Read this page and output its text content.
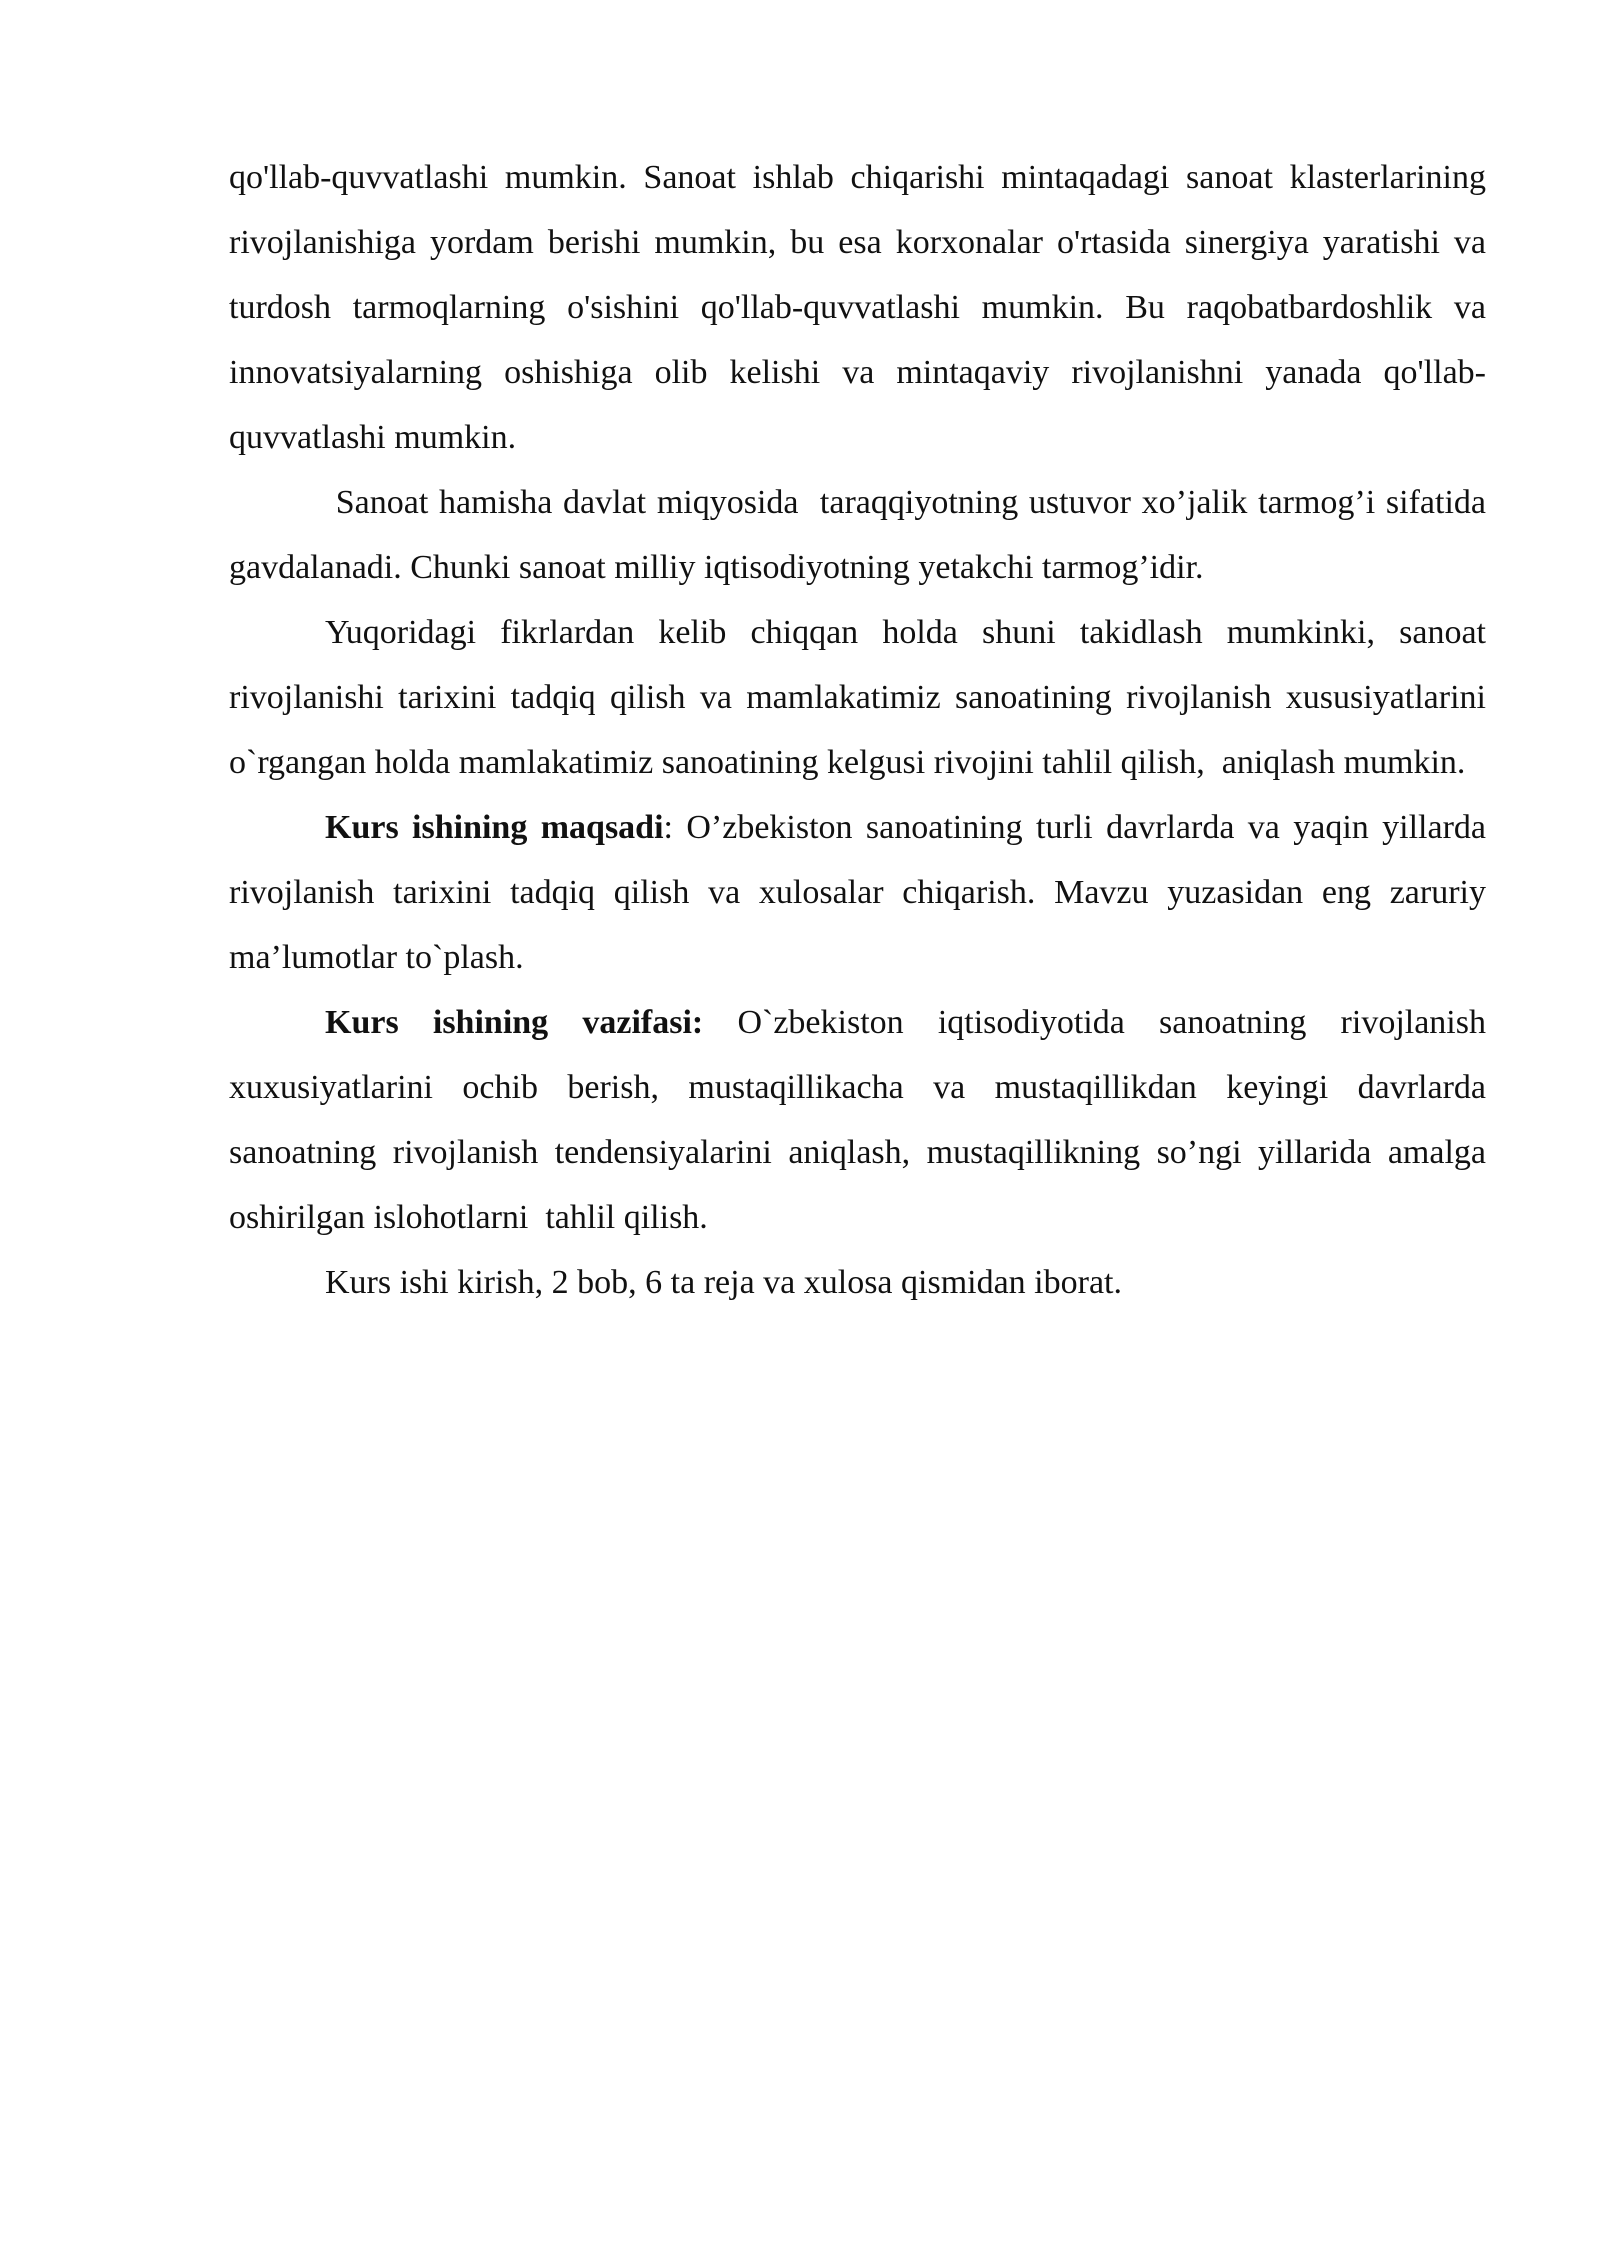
qo'llab-quvvatlashi mumkin. Sanoat ishlab chiqarishi mintaqadagi sanoat klasterlarining rivojlanishiga yordam berishi mumkin, bu esa korxonalar o'rtasida sinergiya yaratishi va turdosh tarmoqlarning o'sishini qo'llab-quvvatlashi mumkin. Bu raqobatbardoshlik va innovatsiyalarning oshishiga olib kelishi va mintaqaviy rivojlanishni yanada qo'llab-quvvatlashi mumkin.

Sanoat hamisha davlat miqyosida  taraqqiyotning ustuvor xo’jalik tarmog’i sifatida gavdalanadi. Chunki sanoat milliy iqtisodiyotning yetakchi tarmog’idir.

Yuqoridagi fikrlardan kelib chiqqan holda shuni takidlash mumkinki, sanoat rivojlanishi tarixini tadqiq qilish va mamlakatimiz sanoatining rivojlanish xususiyatlarini o`rgangan holda mamlakatimiz sanoatining kelgusi rivojini tahlil qilish,  aniqlash mumkin.

Kurs ishining maqsadi: O’zbekiston sanoatining turli davrlarda va yaqin yillarda rivojlanish tarixini tadqiq qilish va xulosalar chiqarish. Mavzu yuzasidan eng zaruriy ma’lumotlar to`plash.

Kurs ishining vazifasi: O`zbekiston iqtisodiyotida sanoatning rivojlanish xuxusiyatlarini ochib berish, mustaqillikacha va mustaqillikdan keyingi davrlarda sanoatning rivojlanish tendensiyalarini aniqlash, mustaqillikning so’ngi yillarida amalga oshirilgan islohotlarni  tahlil qilish.

Kurs ishi kirish, 2 bob, 6 ta reja va xulosa qismidan iborat.
